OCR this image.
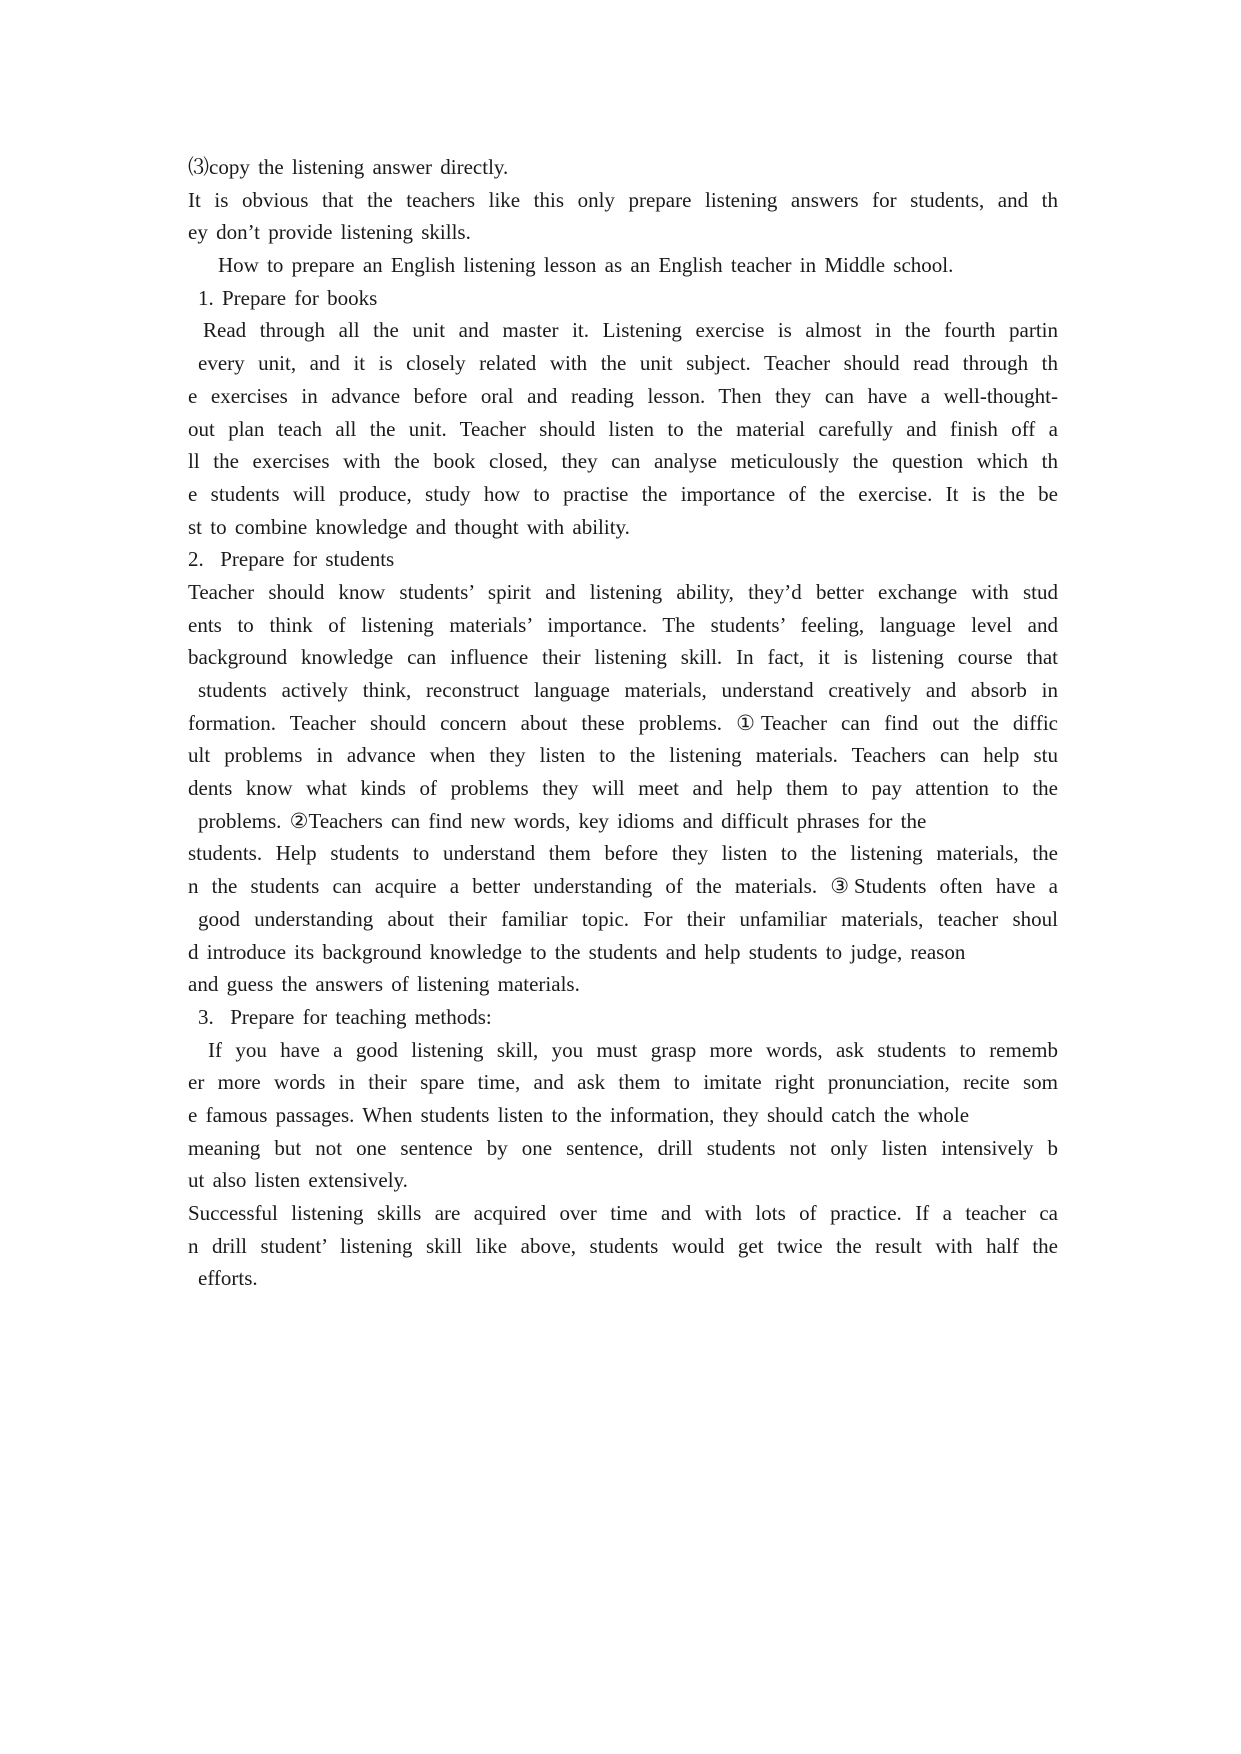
⑶copy the listening answer directly.
It is obvious that the teachers like this only prepare listening answers for students, and th
ey don’t provide listening skills.
How to prepare an English listening lesson as an English teacher in Middle school.
1. Prepare for books
Read through all the unit and master it. Listening exercise is almost in the fourth partin
every unit, and it is closely related with the unit subject. Teacher should read through th
e exercises in advance before oral and reading lesson. Then they can have a well-thought-
out plan teach all the unit. Teacher should listen to the material carefully and finish off a
ll the exercises with the book closed, they can analyse meticulously the question which th
e students will produce, study how to practise the importance of the exercise. It is the be
st to combine knowledge and thought with ability.
2.  Prepare for students
Teacher should know students’ spirit and listening ability, they’d better exchange with stud
ents to think of listening materials’ importance. The students’ feeling, language level and
background knowledge can influence their listening skill. In fact, it is listening course that
students actively think, reconstruct language materials, understand creatively and absorb in
formation. Teacher should concern about these problems. ①Teacher can find out the diffic
ult problems in advance when they listen to the listening materials. Teachers can help stu
dents know what kinds of problems they will meet and help them to pay attention to the
problems. ②Teachers can find new words, key idioms and difficult phrases for the
students. Help students to understand them before they listen to the listening materials, the
n the students can acquire a better understanding of the materials. ③Students often have a
good understanding about their familiar topic. For their unfamiliar materials, teacher shoul
d introduce its background knowledge to the students and help students to judge, reason
and guess the answers of listening materials.
3.  Prepare for teaching methods:
If you have a good listening skill, you must grasp more words, ask students to rememb
er more words in their spare time, and ask them to imitate right pronunciation, recite som
e famous passages. When students listen to the information, they should catch the whole
meaning but not one sentence by one sentence, drill students not only listen intensively b
ut also listen extensively.
Successful listening skills are acquired over time and with lots of practice. If a teacher ca
n drill student’ listening skill like above, students would get twice the result with half the
efforts.
